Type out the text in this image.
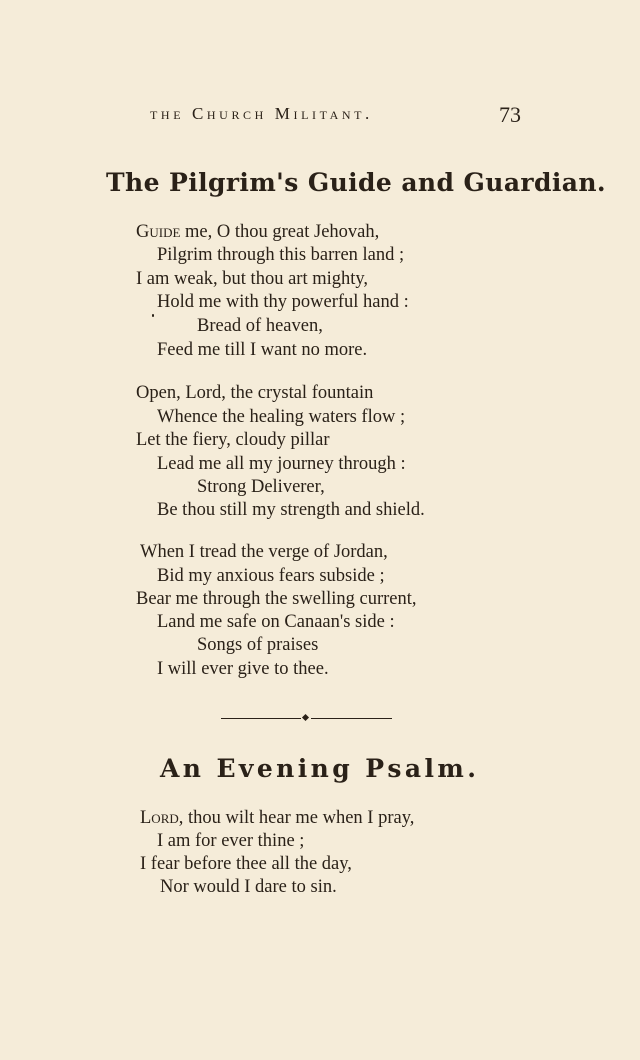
the Church Militant.	73
The Pilgrim's Guide and Guardian.
Guide me, O thou great Jehovah,
Pilgrim through this barren land ;
I am weak, but thou art mighty,
Hold me with thy powerful hand :
Bread of heaven,
Feed me till I want no more.
Open, Lord, the crystal fountain
Whence the healing waters flow ;
Let the fiery, cloudy pillar
Lead me all my journey through :
Strong Deliverer,
Be thou still my strength and shield.
When I tread the verge of Jordan,
Bid my anxious fears subside ;
Bear me through the swelling current,
Land me safe on Canaan's side :
Songs of praises
I will ever give to thee.
An Evening Psalm.
Lord, thou wilt hear me when I pray,
I am for ever thine ;
I fear before thee all the day,
Nor would I dare to sin.
